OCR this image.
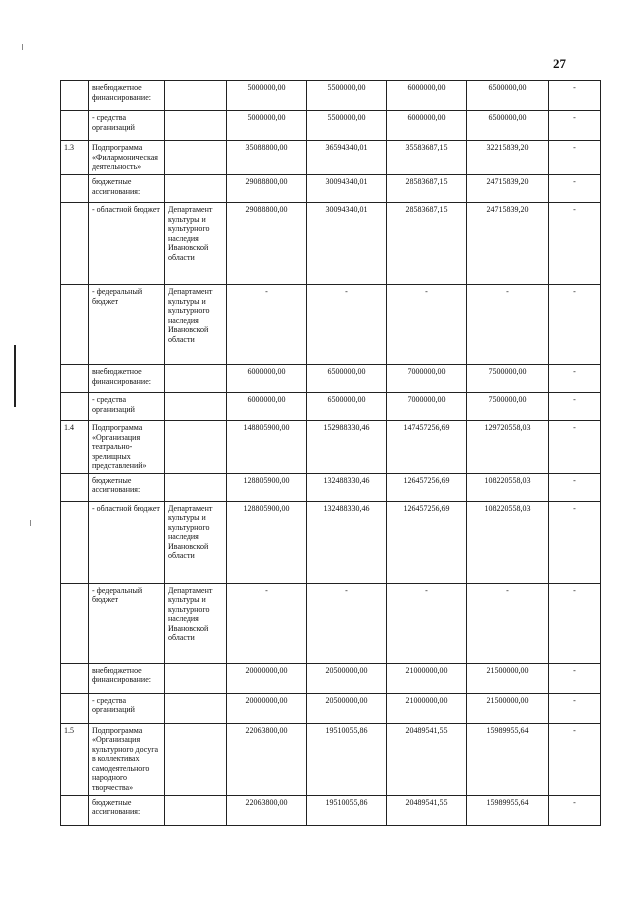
27
	внебюджетное финансирование:		5000000,00	5500000,00	6000000,00	6500000,00	-
	- средства организаций		5000000,00	5500000,00	6000000,00	6500000,00	-
1.3	Подпрограмма «Филармоническая деятельность»		35088800,00	36594340,01	35583687,15	32215839,20	-
	бюджетные ассигнования:		29088800,00	30094340,01	28583687,15	24715839,20	-
	- областной бюджет	Департамент культуры и культурного наследия Ивановской области	29088800,00	30094340,01	28583687,15	24715839,20	-
	- федеральный бюджет	Департамент культуры и культурного наследия Ивановской области	-	-	-	-	-
	внебюджетное финансирование:		6000000,00	6500000,00	7000000,00	7500000,00	-
	- средства организаций		6000000,00	6500000,00	7000000,00	7500000,00	-
1.4	Подпрограмма «Организация театрально-зрелищных представлений»		148805900,00	152988330,46	147457256,69	129720558,03	-
	бюджетные ассигнования:		128805900,00	132488330,46	126457256,69	108220558,03	-
	- областной бюджет	Департамент культуры и культурного наследия Ивановской области	128805900,00	132488330,46	126457256,69	108220558,03	-
	- федеральный бюджет	Департамент культуры и культурного наследия Ивановской области	-	-	-	-	-
	внебюджетное финансирование:		20000000,00	20500000,00	21000000,00	21500000,00	-
	- средства организаций		20000000,00	20500000,00	21000000,00	21500000,00	-
1.5	Подпрограмма «Организация культурного досуга в коллективах самодеятельного народного творчества»		22063800,00	19510055,86	20489541,55	15989955,64	-
	бюджетные ассигнования:		22063800,00	19510055,86	20489541,55	15989955,64	-
